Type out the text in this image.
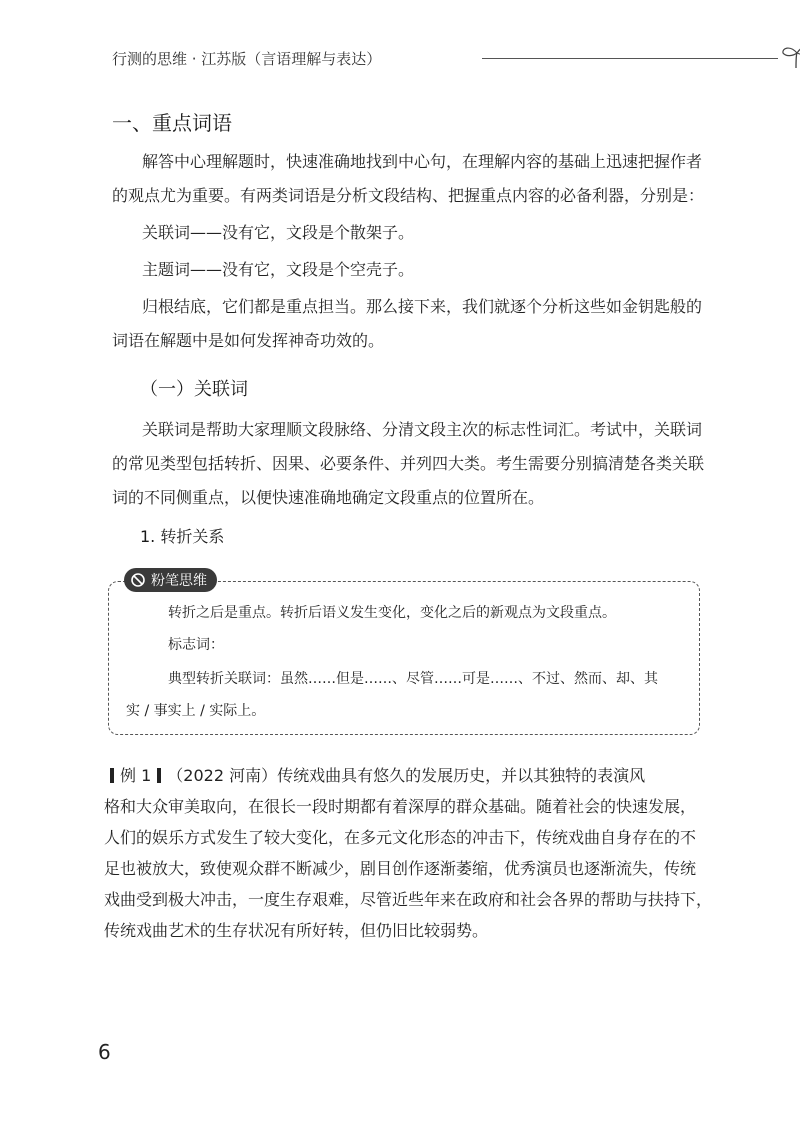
行测的思维 · 江苏版（言语理解与表达）
一、重点词语
解答中心理解题时，快速准确地找到中心句，在理解内容的基础上迅速把握作者
的观点尤为重要。有两类词语是分析文段结构、把握重点内容的必备利器，分别是：
关联词——没有它，文段是个散架子。
主题词——没有它，文段是个空壳子。
归根结底，它们都是重点担当。那么接下来，我们就逐个分析这些如金钥匙般的
词语在解题中是如何发挥神奇功效的。
（一）关联词
关联词是帮助大家理顺文段脉络、分清文段主次的标志性词汇。考试中，关联词
的常见类型包括转折、因果、必要条件、并列四大类。考生需要分别搞清楚各类关联
词的不同侧重点，以便快速准确地确定文段重点的位置所在。
1. 转折关系
粉笔思维
转折之后是重点。转折后语义发生变化，变化之后的新观点为文段重点。
标志词：
典型转折关联词：虽然……但是……、尽管……可是……、不过、然而、却、其
实 / 事实上 / 实际上。
例 1 （2022 河南）传统戏曲具有悠久的发展历史，并以其独特的表演风
格和大众审美取向，在很长一段时期都有着深厚的群众基础。随着社会的快速发展，
人们的娱乐方式发生了较大变化，在多元文化形态的冲击下，传统戏曲自身存在的不
足也被放大，致使观众群不断减少，剧目创作逐渐萎缩，优秀演员也逐渐流失，传统
戏曲受到极大冲击，一度生存艰难，尽管近些年来在政府和社会各界的帮助与扶持下，
传统戏曲艺术的生存状况有所好转，但仍旧比较弱势。
6
